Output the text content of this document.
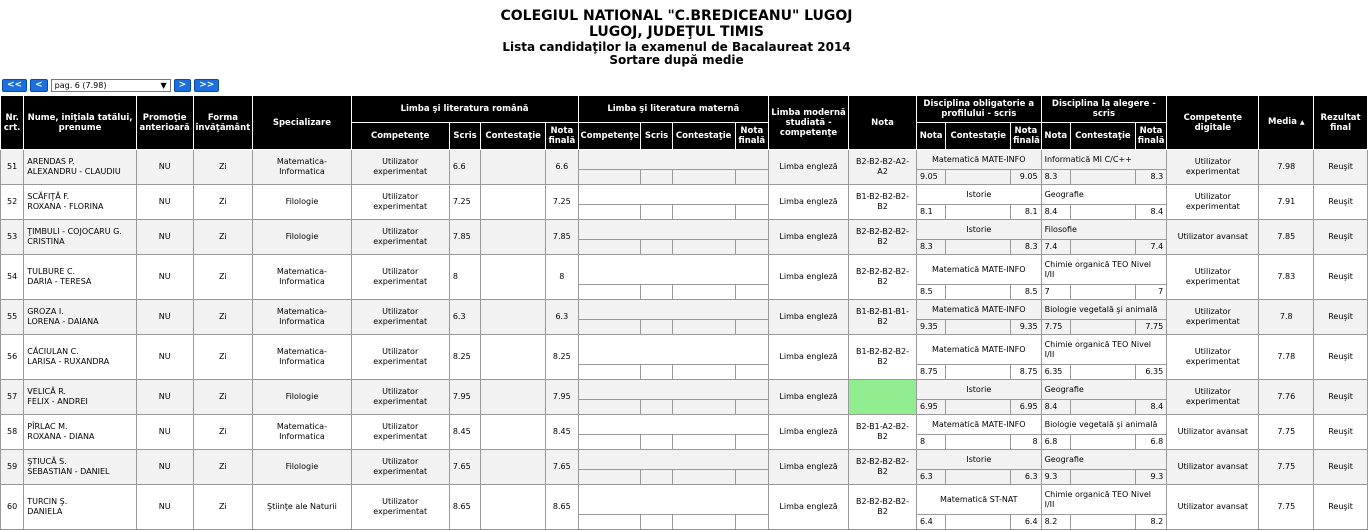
COLEGIUL NATIONAL "C.BREDICEANU" LUGOJ
LUGOJ, JUDEŢUL TIMIS
Lista candidaţilor la examenul de Bacalaureat 2014
Sortare după medie
<<	<	pag. 6 (7.98)	▼	>	>>
Nr. crt.	Nume, iniţiala tatălui, prenume	Promoţie anterioară	Forma învăţământ	Specializare	Limba şi literatura română				Limba şi literatura maternă				Limba modernă studiată - competenţe	Nota	Disciplina obligatorie a profilului - scris			Disciplina la alegere - scris			Competenţe digitale	Media ▲	Rezultat final
					Competenţe	Scris	Contestaţie	Nota finală	Competenţe	Scris	Contestaţie	Nota finală			Nota	Contestaţie	Nota finală	Nota	Contestaţie	Nota finală			
51	ARENDAS P.
ALEXANDRU - CLAUDIU	NU	Zi	Matematica-Informatica	Utilizator experimentat	6.6		6.6					Limba engleză	B2-B2-B2-A2-A2	Matematică MATE-INFO			Informatică MI C/C++			Utilizator experimentat	7.98	Reuşit
															9.05		9.05	8.3		8.3			
52	SCĂFIŢĂ F.
ROXANA - FLORINA	NU	Zi	Filologie	Utilizator experimentat	7.25		7.25					Limba engleză	B1-B2-B2-B2-B2	Istorie			Geografie			Utilizator experimentat	7.91	Reuşit
															8.1		8.1	8.4		8.4			
53	ŢIMBULI - COJOCARU G.
CRISTINA	NU	Zi	Filologie	Utilizator experimentat	7.85		7.85					Limba engleză	B2-B2-B2-B2-B2	Istorie			Filosofie			Utilizator avansat	7.85	Reuşit
															8.3		8.3	7.4		7.4			
54	TULBURE C.
DARIA - TERESA	NU	Zi	Matematica-Informatica	Utilizator experimentat	8		8					Limba engleză	B2-B2-B2-B2-B2	Matematică MATE-INFO			Chimie organică TEO Nivel I/II			Utilizator experimentat	7.83	Reuşit
															8.5		8.5	7		7			
55	GROZA I.
LORENA - DAIANA	NU	Zi	Matematica-Informatica	Utilizator experimentat	6.3		6.3					Limba engleză	B1-B2-B1-B1-B2	Matematică MATE-INFO			Biologie vegetală şi animală			Utilizator experimentat	7.8	Reuşit
															9.35		9.35	7.75		7.75			
56	CĂCIULAN C.
LARISA - RUXANDRA	NU	Zi	Matematica-Informatica	Utilizator experimentat	8.25		8.25					Limba engleză	B1-B2-B2-B2-B2	Matematică MATE-INFO			Chimie organică TEO Nivel I/II			Utilizator experimentat	7.78	Reuşit
															8.75		8.75	6.35		6.35			
57	VELICĂ R.
FELIX - ANDREI	NU	Zi	Filologie	Utilizator experimentat	7.95		7.95					Limba engleză		Istorie			Geografie			Utilizator experimentat	7.76	Reuşit
															6.95		6.95	8.4		8.4			
58	PÎRLAC M.
ROXANA - DIANA	NU	Zi	Matematica-Informatica	Utilizator experimentat	8.45		8.45					Limba engleză	B2-B1-A2-B2-B2	Matematică MATE-INFO			Biologie vegetală şi animală			Utilizator avansat	7.75	Reuşit
															8		8	6.8		6.8			
59	ŞTIUCĂ S.
SEBASTIAN - DANIEL	NU	Zi	Filologie	Utilizator experimentat	7.65		7.65					Limba engleză	B2-B2-B2-B2-B2	Istorie			Geografie			Utilizator avansat	7.75	Reuşit
															6.3		6.3	9.3		9.3			
60	TURCIN Ş.
DANIELA	NU	Zi	Ştiinţe ale Naturii	Utilizator experimentat	8.65		8.65					Limba engleză	B2-B2-B2-B2-B2	Matematică ST-NAT			Chimie organică TEO Nivel I/II			Utilizator avansat	7.75	Reuşit
															6.4		6.4	8.2		8.2			
